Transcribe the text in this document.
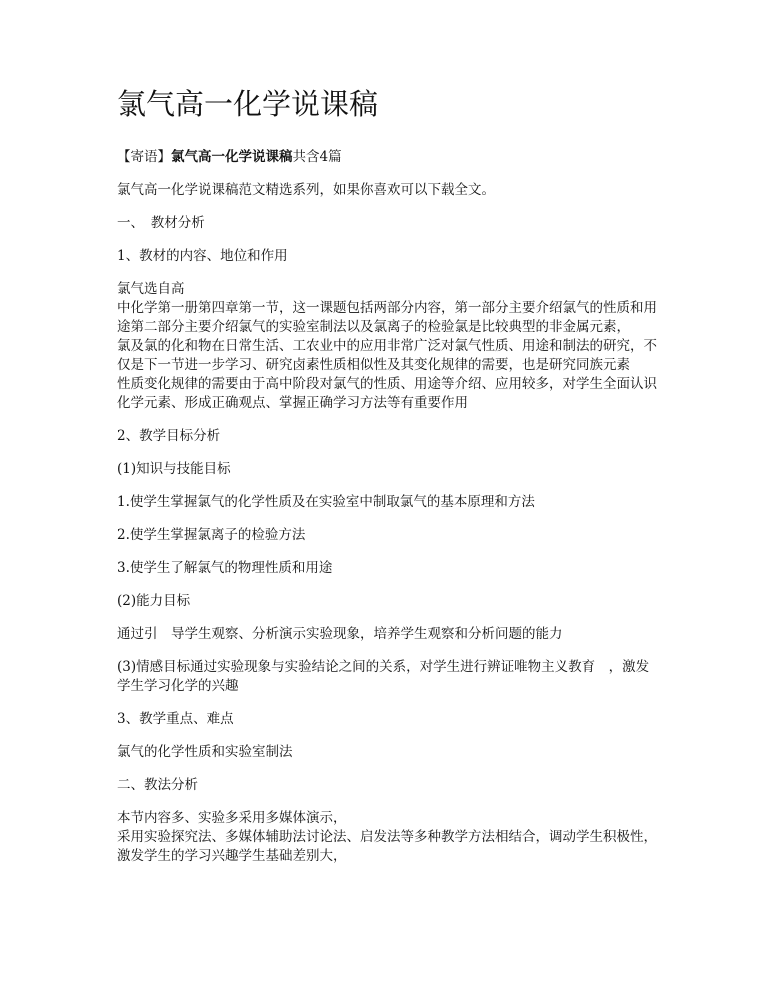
氯气高一化学说课稿

【寄语】氯气高一化学说课稿共含4篇

氯气高一化学说课稿范文精选系列，如果你喜欢可以下载全文。

一、　教材分析

1、教材的内容、地位和作用

氯气选自高

中化学第一册第四章第一节，这一课题包括两部分内容，第一部分主要介绍氯气的性质和用途第二部分主要介绍氯气的实验室制法以及氯离子的检验氯是比较典型的非金属元素，

氯及氯的化和物在日常生活、工农业中的应用非常广泛对氯气性质、用途和制法的研究，不仅是下一节进一步学习、研究卤素性质相似性及其变化规律的需要，也是研究同族元素

性质变化规律的需要由于高中阶段对氯气的性质、用途等介绍、应用较多，对学生全面认识化学元素、形成正确观点、掌握正确学习方法等有重要作用

2、教学目标分析

(1)知识与技能目标

1.使学生掌握氯气的化学性质及在实验室中制取氯气的基本原理和方法

2.使学生掌握氯离子的检验方法

3.使学生了解氯气的物理性质和用途

(2)能力目标

通过引　导学生观察、分析演示实验现象，培养学生观察和分析问题的能力

(3)情感目标通过实验现象与实验结论之间的关系，对学生进行辨证唯物主义教育　，激发学生学习化学的兴趣

3、教学重点、难点

氯气的化学性质和实验室制法

二、教法分析

本节内容多、实验多采用多媒体演示，

采用实验探究法、多媒体辅助法讨论法、启发法等多种教学方法相结合，调动学生积极性，激发学生的学习兴趣学生基础差别大，
